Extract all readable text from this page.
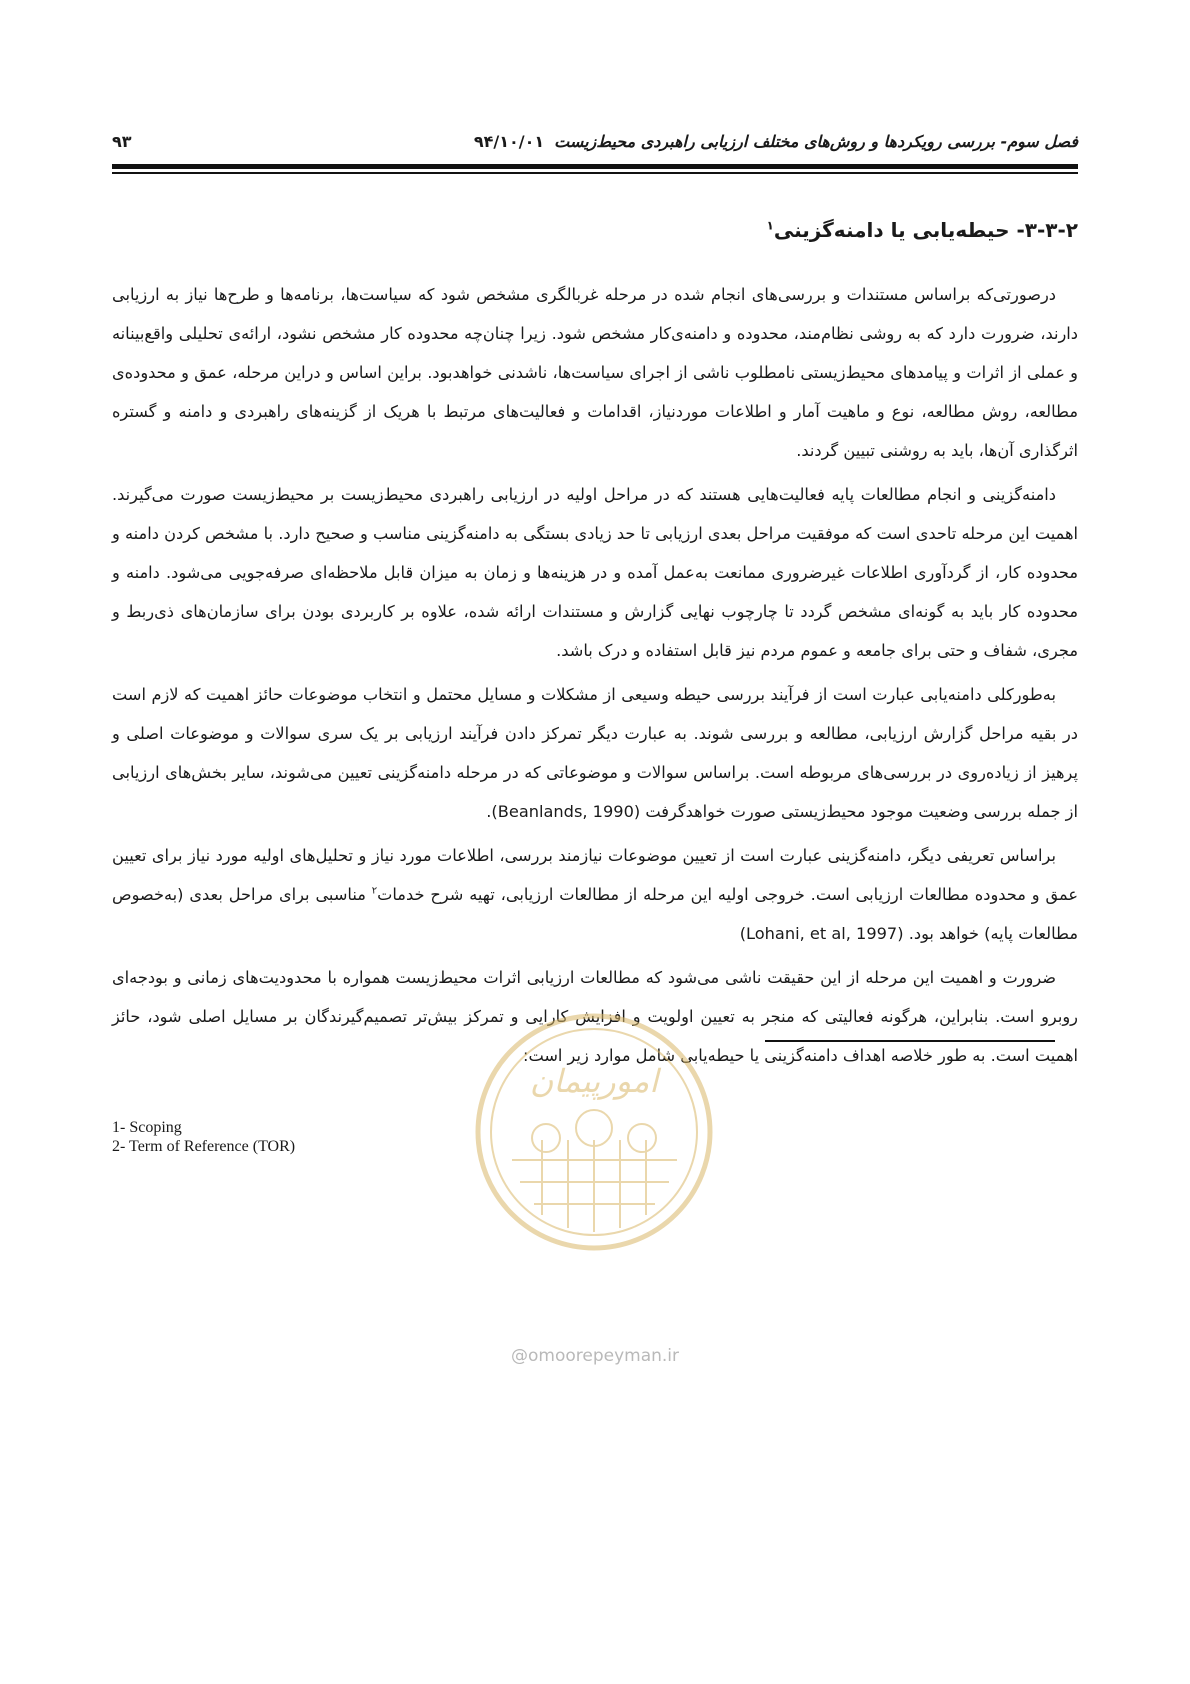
فصل سوم- بررسی رویکردها و روش‌های مختلف ارزیابی راهبردی محیط‌زیست۹۴/۱۰/۰۱
۹۳
۳-۳-۲- حیطه‌یابی یا دامنه‌گزینی$^۱$

درصورتی‌که براساس مستندات و بررسی‌های انجام شده در مرحله غربالگری مشخص شود که سیاست‌ها، برنامه‌ها و طرح‌ها نیاز به ارزیابی دارند، ضرورت دارد که به روشی نظام‌مند، محدوده و دامنه‌ی‌کار مشخص شود. زیرا چنان‌چه محدوده کار مشخص نشود، ارائه‌ی تحلیلی واقع‌بینانه و عملی از اثرات و پیامدهای محیط‌زیستی نامطلوب ناشی از اجرای سیاست‌ها، ناشدنی خواهدبود. براین اساس و دراین مرحله، عمق و محدوده‌ی مطالعه، روش مطالعه، نوع و ماهیت آمار و اطلاعات موردنیاز، اقدامات و فعالیت‌های مرتبط با هریک از گزینه‌های راهبردی و دامنه و گستره اثرگذاری آن‌ها، باید به روشنی تبیین گردند.

دامنه‌گزینی و انجام مطالعات پایه فعالیت‌هایی هستند که در مراحل اولیه در ارزیابی راهبردی محیط‌زیست بر محیط‌زیست صورت می‌گیرند. اهمیت این مرحله تاحدی است که موفقیت مراحل بعدی ارزیابی تا حد زیادی بستگی به دامنه‌گزینی مناسب و صحیح دارد. با مشخص کردن دامنه و محدوده کار، از گردآوری اطلاعات غیرضروری ممانعت به‌عمل آمده و در هزینه‌ها و زمان به میزان قابل ملاحظه‌ای صرفه‌جویی می‌شود. دامنه و محدوده کار باید به گونه‌ای مشخص گردد تا چارچوب نهایی گزارش و مستندات ارائه شده، علاوه بر کاربردی بودن برای سازمان‌های ذی‌ربط و مجری، شفاف و حتی برای جامعه و عموم مردم نیز قابل استفاده و درک باشد.

به‌طورکلی دامنه‌یابی عبارت است از فرآیند بررسی حیطه وسیعی از مشکلات و مسایل محتمل و انتخاب موضوعات حائز اهمیت که لازم است در بقیه مراحل گزارش ارزیابی، مطالعه و بررسی شوند. به عبارت دیگر تمرکز دادن فرآیند ارزیابی بر یک سری سوالات و موضوعات اصلی و پرهیز از زیاده‌روی در بررسی‌های مربوطه است. براساس سوالات و موضوعاتی که در مرحله دامنه‌گزینی تعیین می‌شوند، سایر بخش‌های ارزیابی از جمله بررسی وضعیت موجود محیط‌زیستی صورت خواهدگرفت (Beanlands, 1990).

براساس تعریفی دیگر، دامنه‌گزینی عبارت است از تعیین موضوعات نیازمند بررسی، اطلاعات مورد نیاز و تحلیل‌های اولیه مورد نیاز برای تعیین عمق و محدوده مطالعات ارزیابی است. خروجی اولیه این مرحله از مطالعات ارزیابی، تهیه شرح خدمات$^۲$ مناسبی برای مراحل بعدی (به‌خصوص مطالعات پایه) خواهد بود. (Lohani, et al, 1997)

ضرورت و اهمیت این مرحله از این حقیقت ناشی می‌شود که مطالعات ارزیابی اثرات محیط‌زیست همواره با محدودیت‌های زمانی و بودجه‌ای روبرو است. بنابراین، هرگونه فعالیتی که منجر به تعیین اولویت و افزایش کارایی و تمرکز بیش‌تر تصمیم‌گیرندگان بر مسایل اصلی شود، حائز اهمیت است. به طور خلاصه اهداف دامنه‌گزینی یا حیطه‌یابی شامل موارد زیر است:

امورپیمان
@omoorepeyman.ir
1- Scoping
2- Term of Reference (TOR)
